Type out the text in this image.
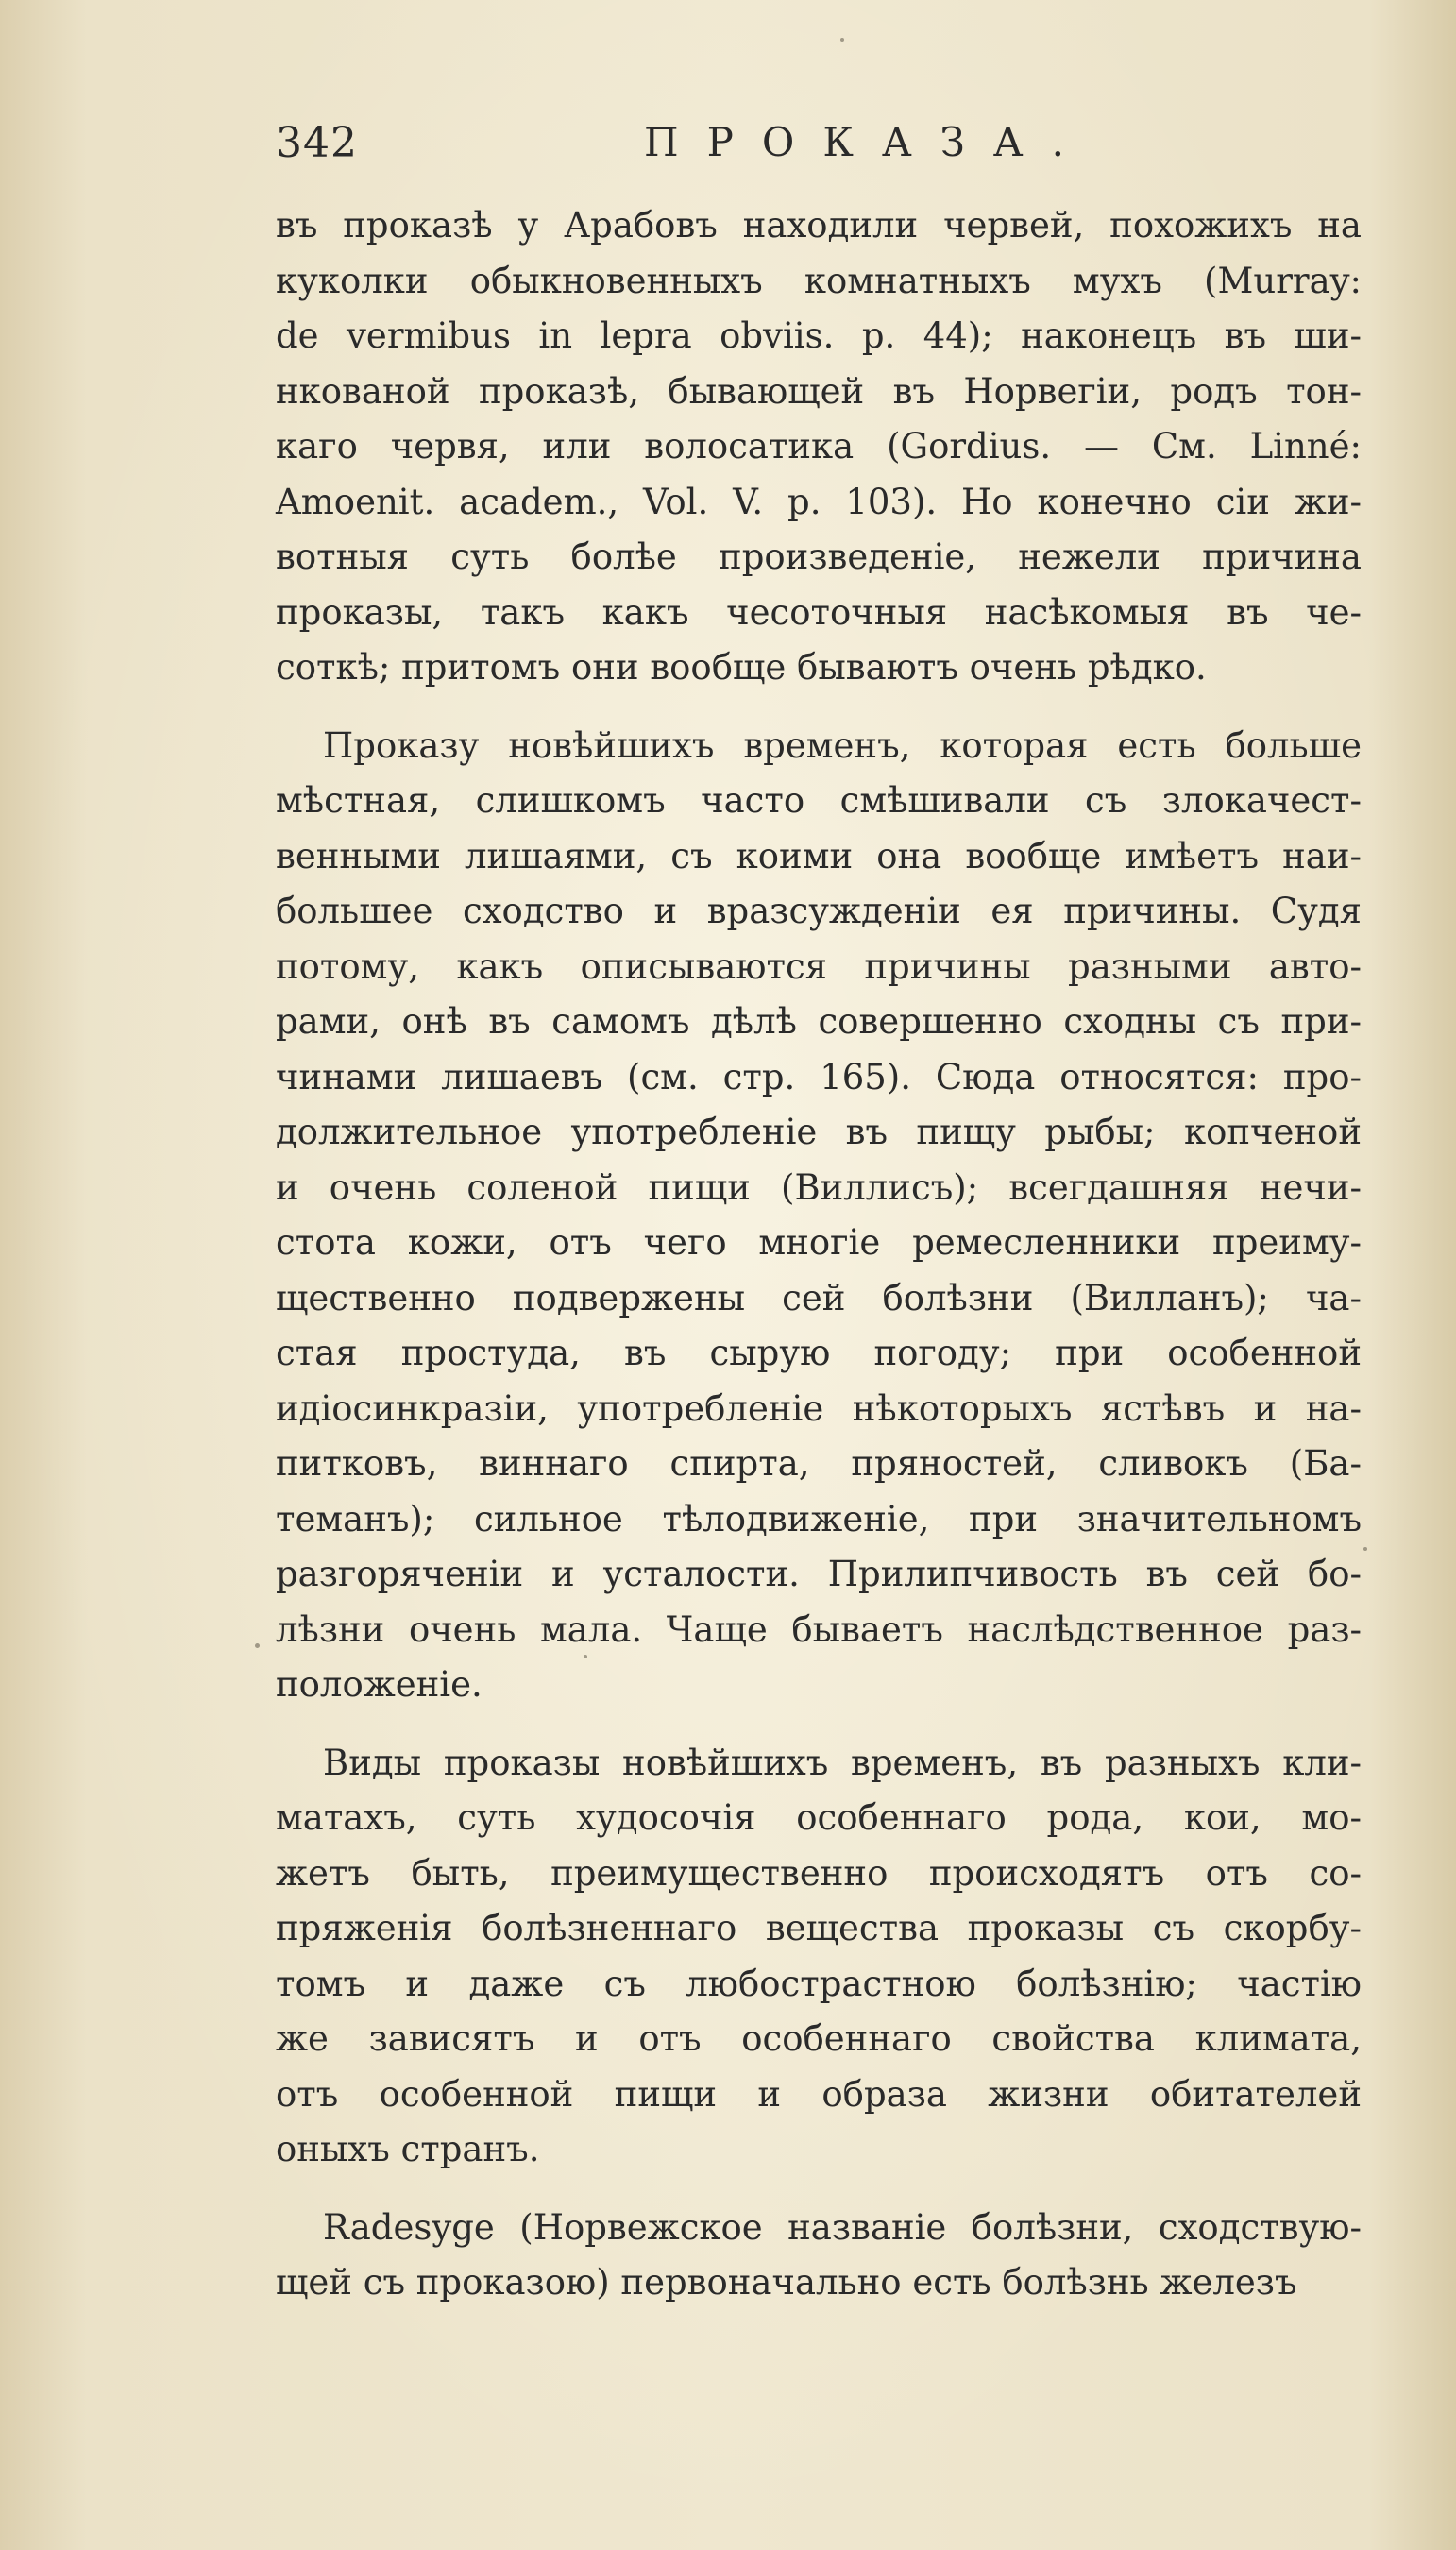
342	ПРОКАЗА.
въ проказѣ у Арабовъ находили червей, похожихъ на
куколки обыкновенныхъ комнатныхъ мухъ (Murray:
de vermibus in lepra obviis. p. 44); наконецъ въ ши-
нкованой проказѣ, бывающей въ Норвегіи, родъ тон-
каго червя, или волосатика (Gordius. — См. Linné:
Amoenit. academ., Vol. V. p. 103). Но конечно сіи жи-
вотныя суть болѣе произведеніе, нежели причина
проказы, такъ какъ чесоточныя насѣкомыя въ че-
соткѣ; притомъ они вообще бываютъ очень рѣдко.
Проказу новѣйшихъ временъ, которая есть больше
мѣстная, слишкомъ часто смѣшивали съ злокачест-
венными лишаями, съ коими она вообще имѣетъ наи-
большее сходство и вразсужденіи ея причины. Судя
потому, какъ описываются причины разными авто-
рами, онѣ въ самомъ дѣлѣ совершенно сходны съ при-
чинами лишаевъ (см. стр. 165). Сюда относятся: про-
должительное употребленіе въ пищу рыбы; копченой
и очень соленой пищи (Виллисъ); всегдашняя нечи-
стота кожи, отъ чего многіе ремесленники преиму-
щественно подвержены сей болѣзни (Вилланъ); ча-
стая простуда, въ сырую погоду; при особенной
идіосинкразіи, употребленіе нѣкоторыхъ ястѣвъ и на-
питковъ, виннаго спирта, пряностей, сливокъ (Ба-
теманъ); сильное тѣлодвиженіе, при значительномъ
разгоряченіи и усталости. Прилипчивость въ сей бо-
лѣзни очень мала. Чаще бываетъ наслѣдственное раз-
положеніе.
Виды проказы новѣйшихъ временъ, въ разныхъ кли-
матахъ, суть худосочія особеннаго рода, кои, мо-
жетъ быть, преимущественно происходятъ отъ со-
пряженія болѣзненнаго вещества проказы съ скорбу-
томъ и даже съ любострастною болѣзнію; частію
же зависятъ и отъ особеннаго свойства климата,
отъ особенной пищи и образа жизни обитателей
оныхъ странъ.
Radesyge (Норвежское названіе болѣзни, сходствую-
щей съ проказою) первоначально есть болѣзнь железъ
